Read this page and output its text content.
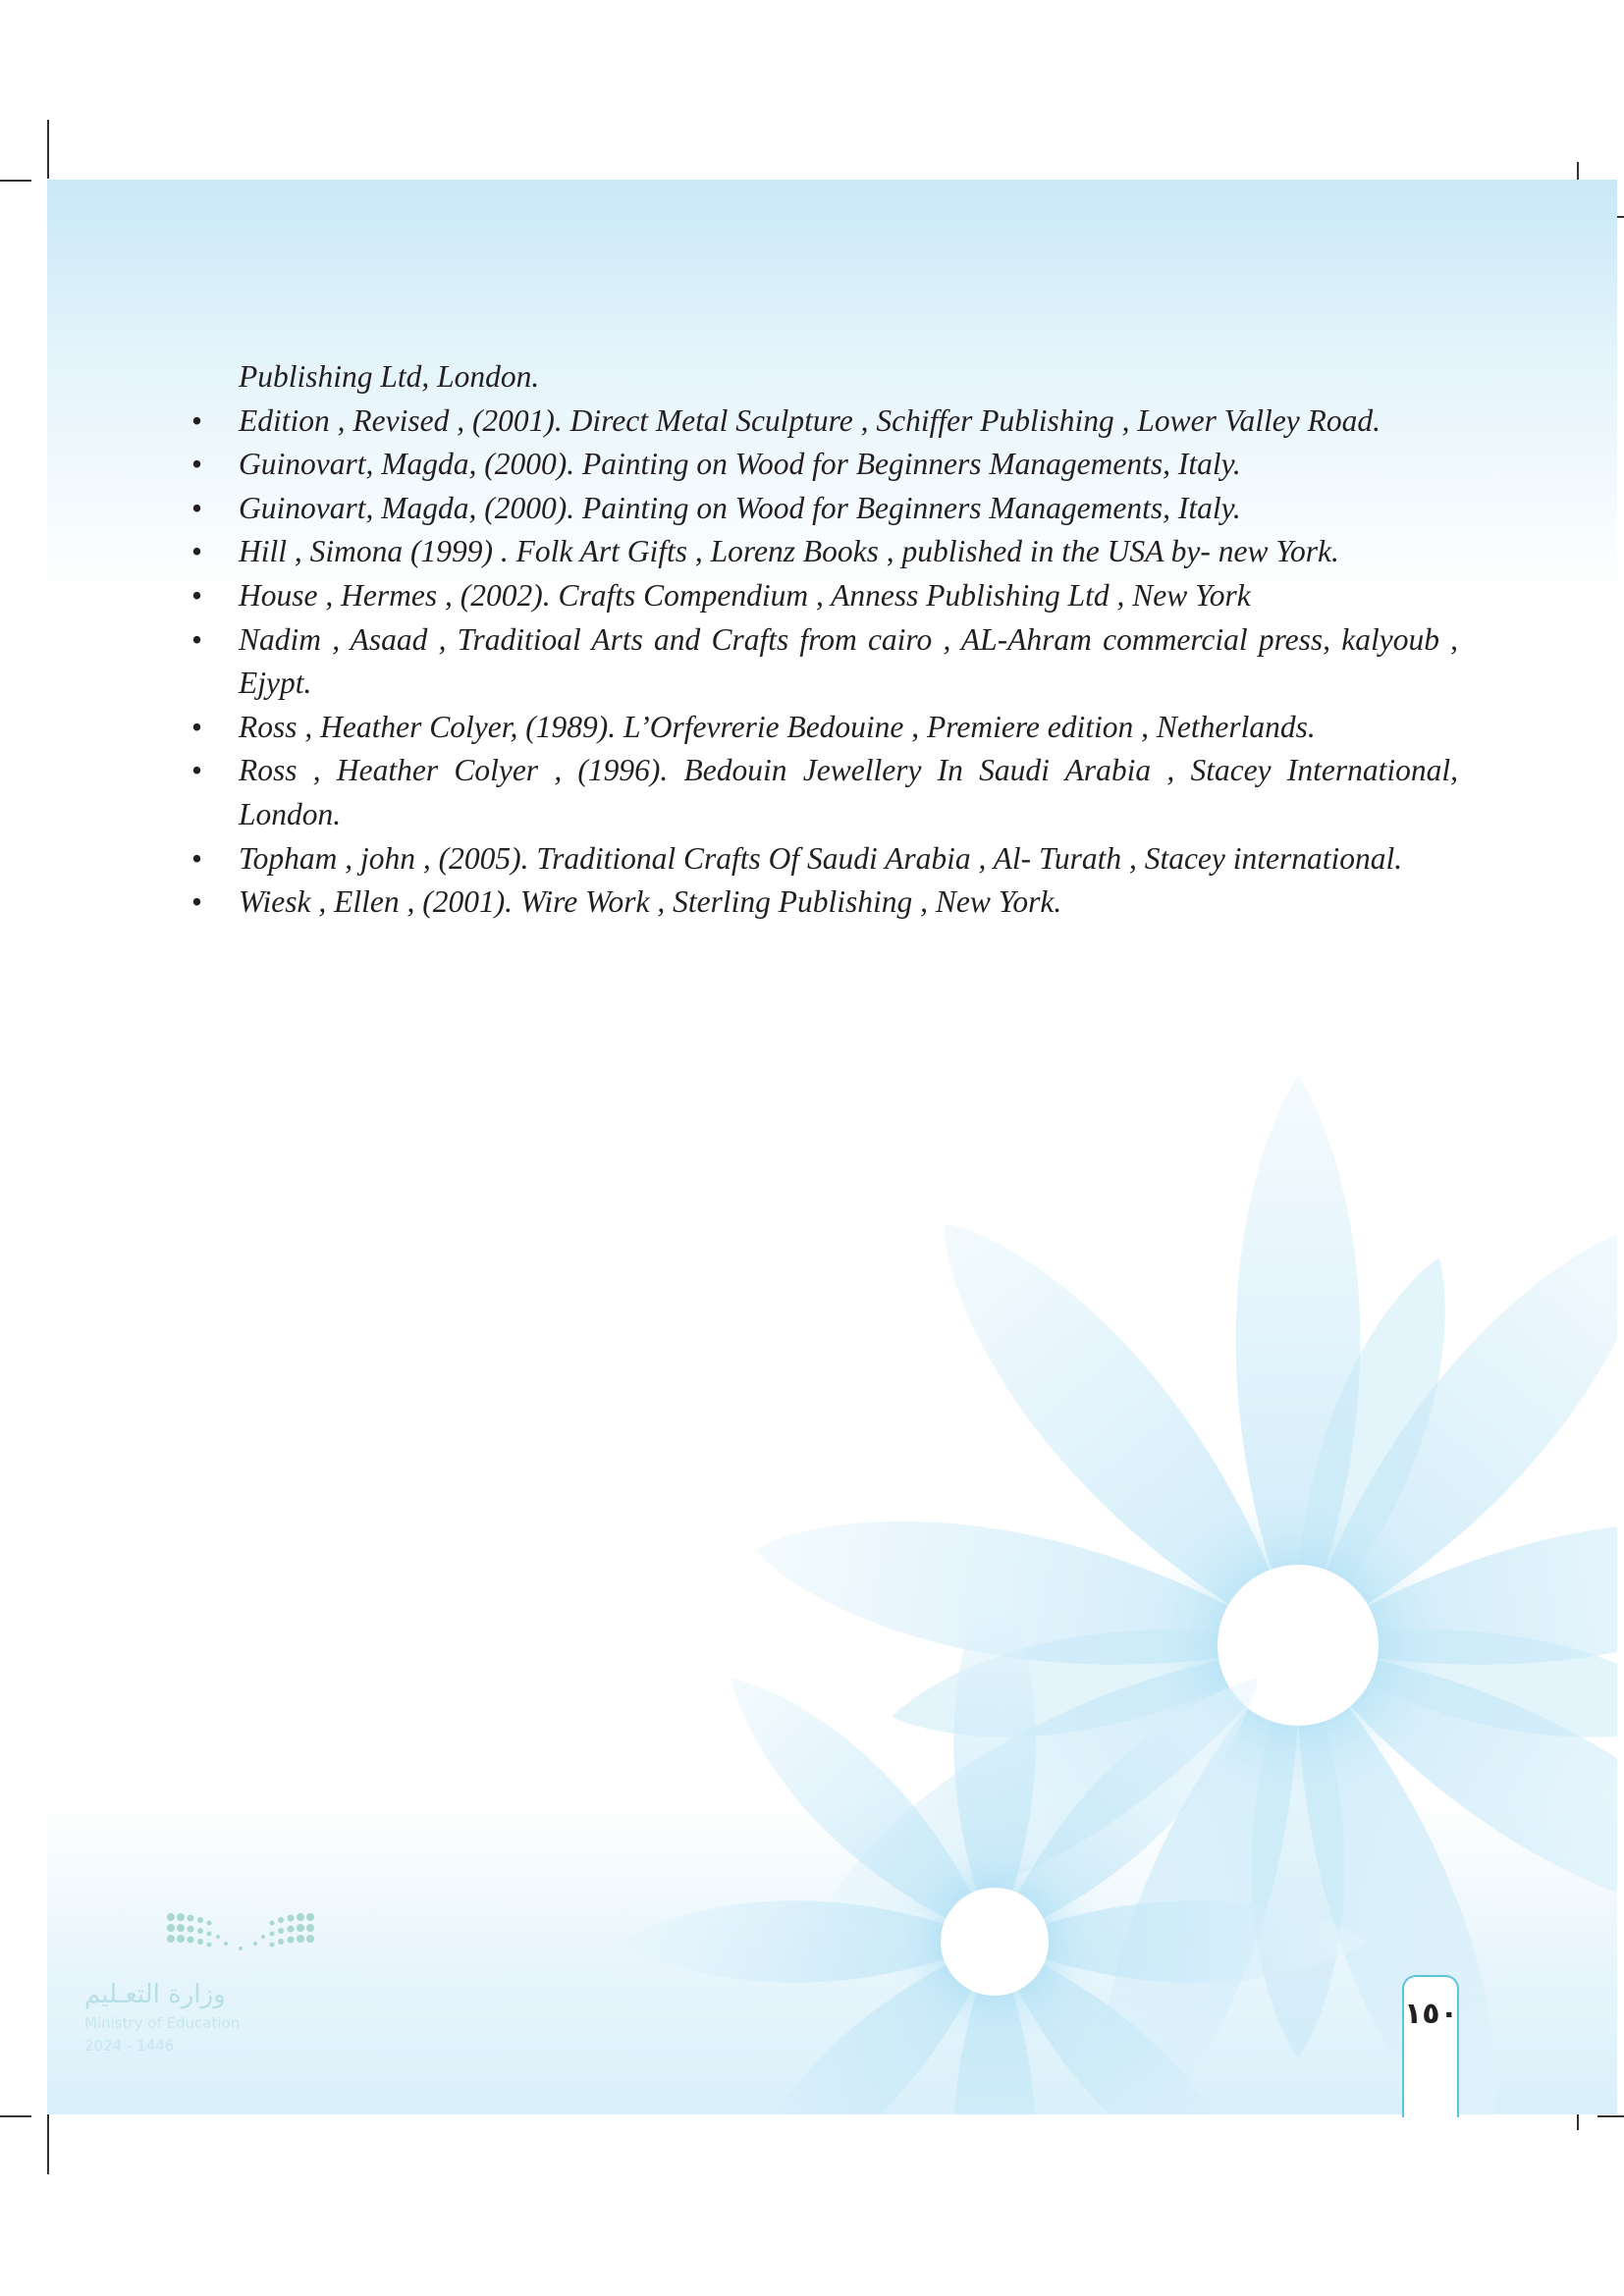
Publishing Ltd, London.
• Edition , Revised , (2001). Direct Metal Sculpture , Schiffer Publishing , Lower Valley Road.
• Guinovart, Magda, (2000). Painting on Wood for Beginners Managements, Italy.
• Guinovart, Magda, (2000). Painting on Wood for Beginners Managements, Italy.
• Hill , Simona (1999) . Folk Art Gifts , Lorenz Books , published in the USA by- new York.
• House , Hermes , (2002). Crafts Compendium , Anness Publishing Ltd , New York
• Nadim , Asaad , Traditioal Arts and Crafts from cairo , AL-Ahram commercial press, kalyoub , Ejypt.
• Ross , Heather Colyer, (1989). L’Orfevrerie Bedouine , Premiere edition , Netherlands.
• Ross , Heather Colyer , (1996). Bedouin Jewellery In Saudi Arabia , Stacey International, London.
• Topham , john , (2005). Traditional Crafts Of Saudi Arabia , Al- Turath , Stacey international.
• Wiesk , Ellen , (2001). Wire Work , Sterling Publishing , New York.
وزارة التعـليم
Ministry of Education
2024 - 1446
١٥٠
